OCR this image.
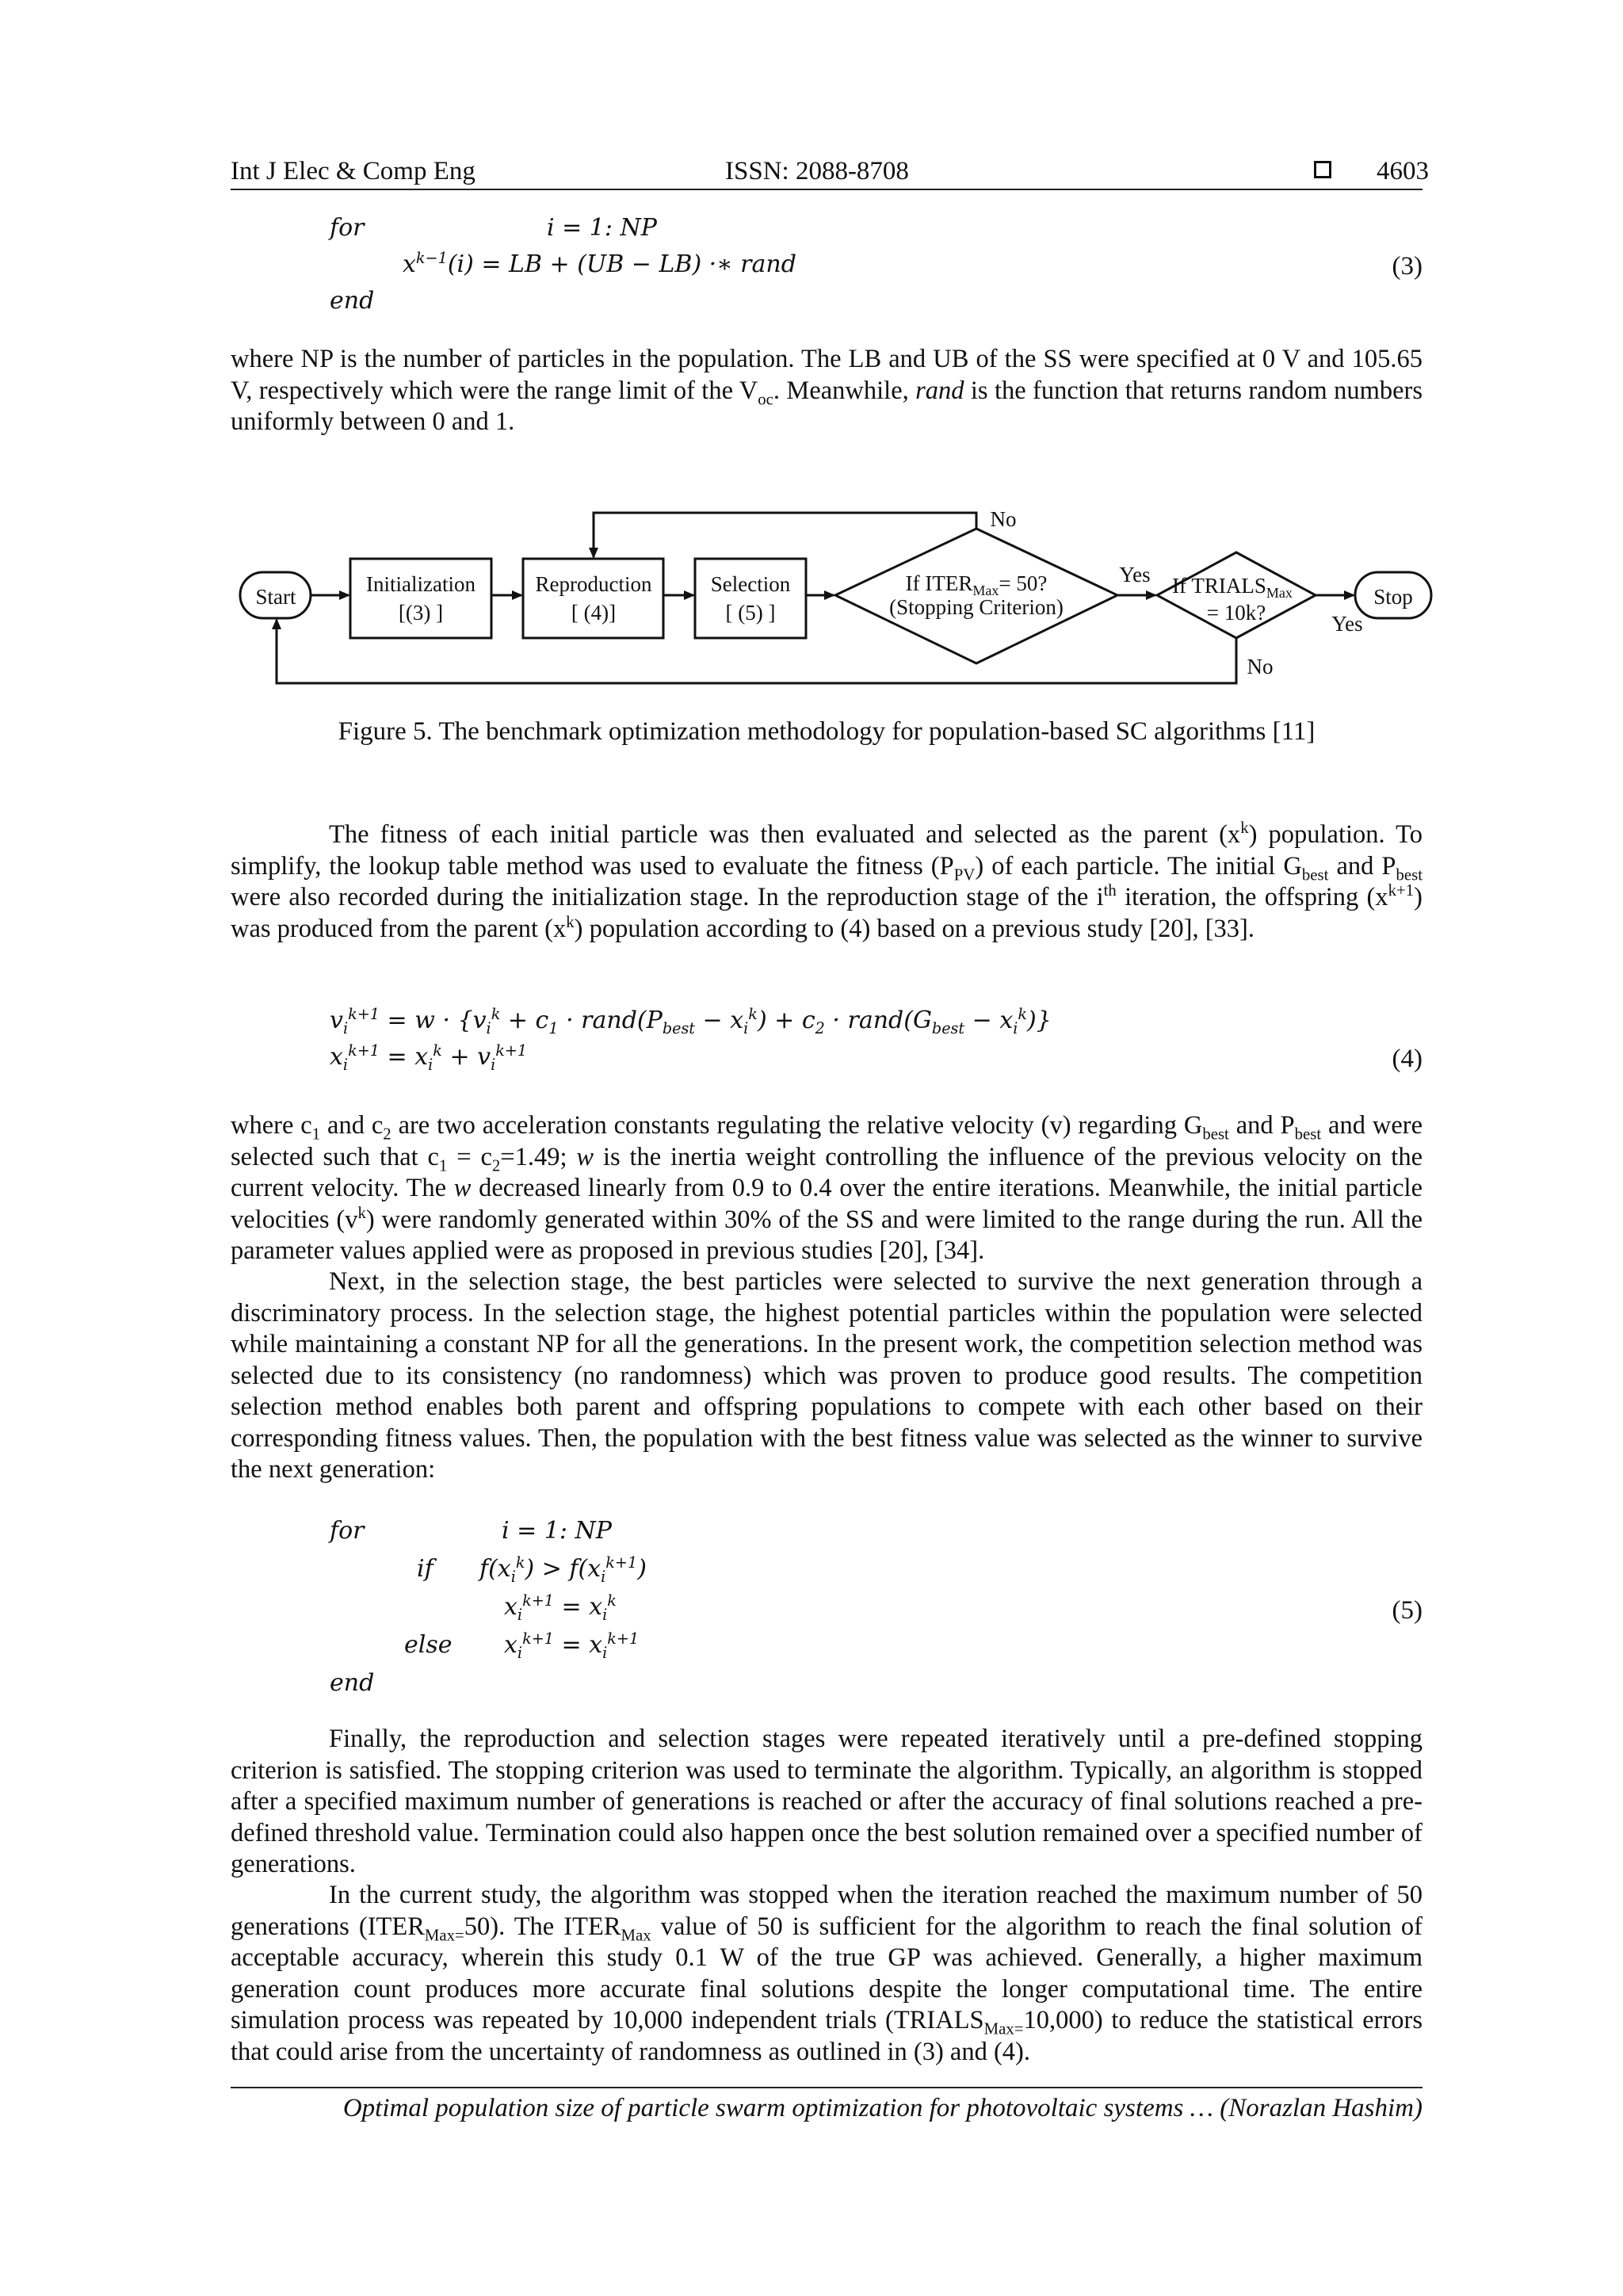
Int J Elec & Comp Eng	ISSN: 2088-8708	4603
for	i = 1: NP
$x^{k-1}(i)$ = LB + (UB − LB) ·∗ rand
end
(3)

where NP is the number of particles in the population. The LB and UB of the SS were specified at 0 V and 105.65 V, respectively which were the range limit of the $V_{oc}$. Meanwhile, rand is the function that returns random numbers uniformly between 0 and 1.

Start
Initialization
[(3) ]
Reproduction
[ (4)]
Selection
[ (5) ]
If $ITER_{Max}= 50$?
(Stopping Criterion)
If $TRIALS_{Max}$
= 10k?
Stop
Yes
Yes
No
No
Figure 5. The benchmark optimization methodology for population-based SC algorithms [11]

The fitness of each initial particle was then evaluated and selected as the parent $(x^k)$ population. To simplify, the lookup table method was used to evaluate the fitness $(P_{PV})$ of each particle. The initial $G_{best}$ and $P_{best}$ were also recorded during the initialization stage. In the reproduction stage of the $i^{th}$ iteration, the offspring $(x^{k+1})$ was produced from the parent $(x^k)$ population according to (4) based on a previous study [20], [33].

$v_i^{k+1} = w \cdot \{v_i^k + c_1$ · $rand(P_{best} - x_i^k) + c_2$ · $rand(G_{best} - x_i^k)$}
$x_i^{k+1} = x_i^k + v_i^{k+1}$	(4)

where $c_1$ and $c_2$ are two acceleration constants regulating the relative velocity (v) regarding $G_{best}$ and $P_{best}$ and were selected such that $c_1 = c_2=1.49$; w is the inertia weight controlling the influence of the previous velocity on the current velocity. The w decreased linearly from 0.9 to 0.4 over the entire iterations. Meanwhile, the initial particle velocities $(v^k)$ were randomly generated within 30% of the SS and were limited to the range during the run. All the parameter values applied were as proposed in previous studies [20], [34].

Next, in the selection stage, the best particles were selected to survive the next generation through a discriminatory process. In the selection stage, the highest potential particles within the population were selected while maintaining a constant NP for all the generations. In the present work, the competition selection method was selected due to its consistency (no randomness) which was proven to produce good results. The competition selection method enables both parent and offspring populations to compete with each other based on their corresponding fitness values. Then, the population with the best fitness value was selected as the winner to survive the next generation:

for	i = 1: NP
if $f(x_i^k) > f(x_i^{k+1})$
$x_i^{k+1} = x_i^k$
else $x_i^{k+1} = x_i^{k+1}$
end
(5)

Finally, the reproduction and selection stages were repeated iteratively until a pre-defined stopping criterion is satisfied. The stopping criterion was used to terminate the algorithm. Typically, an algorithm is stopped after a specified maximum number of generations is reached or after the accuracy of final solutions reached a pre-defined threshold value. Termination could also happen once the best solution remained over a specified number of generations.

In the current study, the algorithm was stopped when the iteration reached the maximum number of 50 generations $(ITER_{Max=}50)$. The $ITER_{Max}$ value of 50 is sufficient for the algorithm to reach the final solution of acceptable accuracy, wherein this study 0.1 W of the true GP was achieved. Generally, a higher maximum generation count produces more accurate final solutions despite the longer computational time. The entire simulation process was repeated by 10,000 independent trials $(TRIALS_{Max=}10,000)$ to reduce the statistical errors that could arise from the uncertainty of randomness as outlined in (3) and (4).

Optimal population size of particle swarm optimization for photovoltaic systems … (Norazlan Hashim)
